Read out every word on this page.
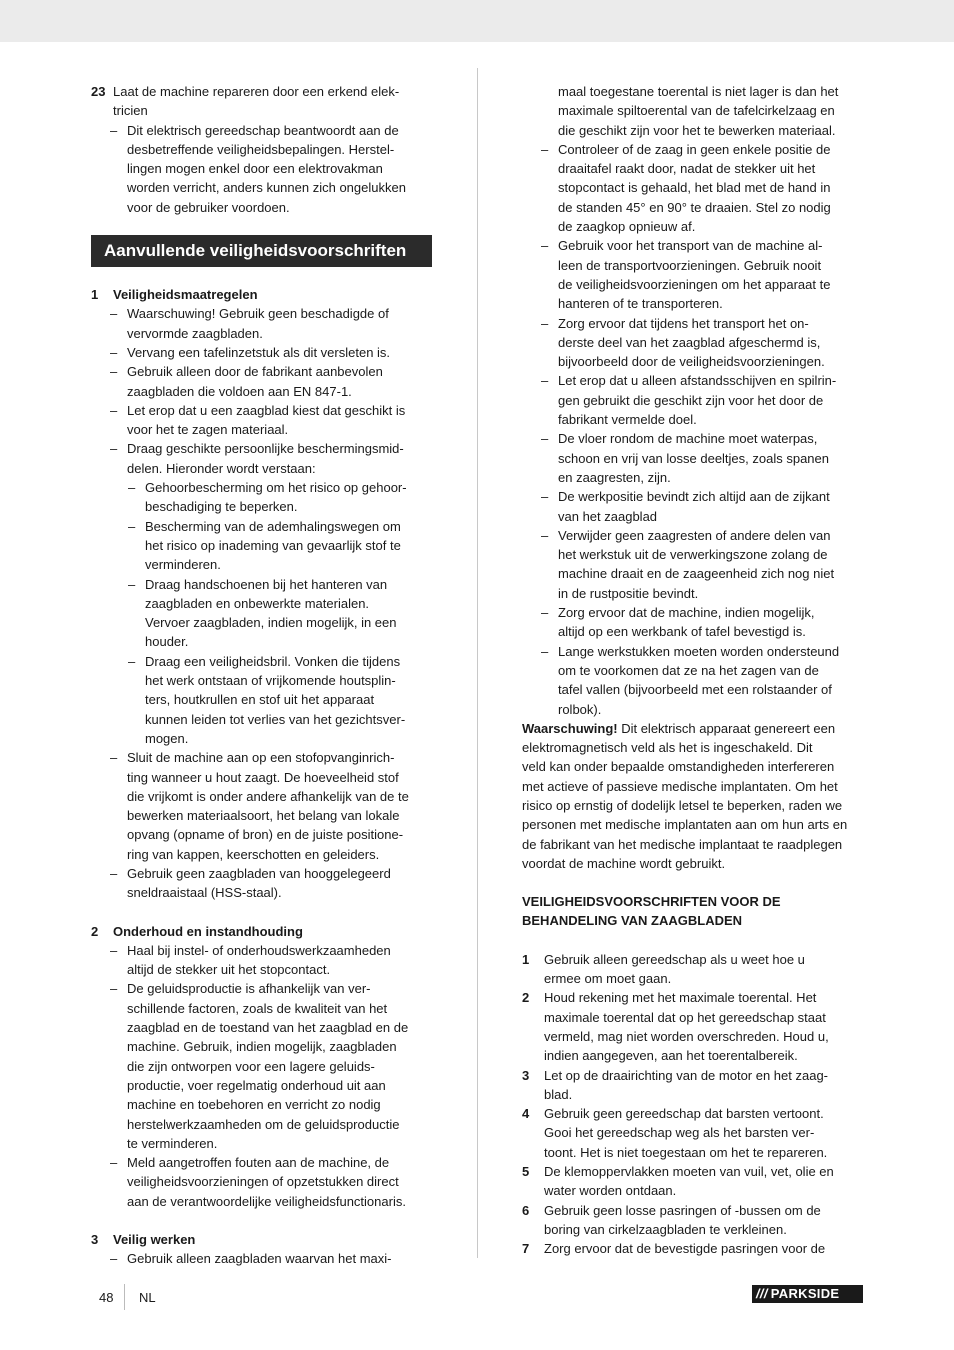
23 Laat de machine repareren door een erkend elek-
tricien
– Dit elektrisch gereedschap beantwoordt aan de
desbetreffende veiligheidsbepalingen. Herstel-
lingen mogen enkel door een elektrovakman
worden verricht, anders kunnen zich ongelukken
voor de gebruiker voordoen.
Aanvullende veiligheidsvoorschriften
1 Veiligheidsmaatregelen
– Waarschuwing! Gebruik geen beschadigde of
vervormde zaagbladen.
– Vervang een tafelinzetstuk als dit versleten is.
– Gebruik alleen door de fabrikant aanbevolen
zaagbladen die voldoen aan EN 847-1.
– Let erop dat u een zaagblad kiest dat geschikt is
voor het te zagen materiaal.
– Draag geschikte persoonlijke beschermingsmid-
delen. Hieronder wordt verstaan:
– Gehoorbescherming om het risico op gehoor-
beschadiging te beperken.
– Bescherming van de ademhalingswegen om
het risico op inademing van gevaarlijk stof te
verminderen.
– Draag handschoenen bij het hanteren van
zaagbladen en onbewerkte materialen.
Vervoer zaagbladen, indien mogelijk, in een
houder.
– Draag een veiligheidsbril. Vonken die tijdens
het werk ontstaan of vrijkomende houtsplin-
ters, houtkrullen en stof uit het apparaat
kunnen leiden tot verlies van het gezichtsver-
mogen.
– Sluit de machine aan op een stofopvanginrich-
ting wanneer u hout zaagt. De hoeveelheid stof
die vrijkomt is onder andere afhankelijk van de te
bewerken materiaalsoort, het belang van lokale
opvang (opname of bron) en de juiste positione-
ring van kappen, keerschotten en geleiders.
– Gebruik geen zaagbladen van hooggelegeerd
sneldraaistaal (HSS-staal).
2 Onderhoud en instandhouding
– Haal bij instel- of onderhoudswerkzaamheden
altijd de stekker uit het stopcontact.
– De geluidsproductie is afhankelijk van ver-
schillende factoren, zoals de kwaliteit van het
zaagblad en de toestand van het zaagblad en de
machine. Gebruik, indien mogelijk, zaagbladen
die zijn ontworpen voor een lagere geluids-
productie, voer regelmatig onderhoud uit aan
machine en toebehoren en verricht zo nodig
herstelwerkzaamheden om de geluidsproductie
te verminderen.
– Meld aangetroffen fouten aan de machine, de
veiligheidsvoorzieningen of opzetstukken direct
aan de verantwoordelijke veiligheidsfunctionaris.
3 Veilig werken
– Gebruik alleen zaagbladen waarvan het maxi-
maal toegestane toerental is niet lager is dan het
maximale spiltoerental van de tafelcirkelzaag en
die geschikt zijn voor het te bewerken materiaal.
– Controleer of de zaag in geen enkele positie de
draaitafel raakt door, nadat de stekker uit het
stopcontact is gehaald, het blad met de hand in
de standen 45° en 90° te draaien. Stel zo nodig
de zaagkop opnieuw af.
– Gebruik voor het transport van de machine al-
leen de transportvoorzieningen. Gebruik nooit
de veiligheidsvoorzieningen om het apparaat te
hanteren of te transporteren.
– Zorg ervoor dat tijdens het transport het on-
derste deel van het zaagblad afgeschermd is,
bijvoorbeeld door de veiligheidsvoorzieningen.
– Let erop dat u alleen afstandsschijven en spilrin-
gen gebruikt die geschikt zijn voor het door de
fabrikant vermelde doel.
– De vloer rondom de machine moet waterpas,
schoon en vrij van losse deeltjes, zoals spanen
en zaagresten, zijn.
– De werkpositie bevindt zich altijd aan de zijkant
van het zaagblad
– Verwijder geen zaagresten of andere delen van
het werkstuk uit de verwerkingszone zolang de
machine draait en de zaageenheid zich nog niet
in de rustpositie bevindt.
– Zorg ervoor dat de machine, indien mogelijk,
altijd op een werkbank of tafel bevestigd is.
– Lange werkstukken moeten worden ondersteund
om te voorkomen dat ze na het zagen van de
tafel vallen (bijvoorbeeld met een rolstaander of
rolbok).
Waarschuwing! Dit elektrisch apparaat genereert een
elektromagnetisch veld als het is ingeschakeld. Dit
veld kan onder bepaalde omstandigheden interfereren
met actieve of passieve medische implantaten. Om het
risico op ernstig of dodelijk letsel te beperken, raden we
personen met medische implantaten aan om hun arts en
de fabrikant van het medische implantaat te raadplegen
voordat de machine wordt gebruikt.
VEILIGHEIDSVOORSCHRIFTEN VOOR DE
BEHANDELING VAN ZAAGBLADEN
1 Gebruik alleen gereedschap als u weet hoe u
ermee om moet gaan.
2 Houd rekening met het maximale toerental. Het
maximale toerental dat op het gereedschap staat
vermeld, mag niet worden overschreden. Houd u,
indien aangegeven, aan het toerentalbereik.
3 Let op de draairichting van de motor en het zaag-
blad.
4 Gebruik geen gereedschap dat barsten vertoont.
Gooi het gereedschap weg als het barsten ver-
toont. Het is niet toegestaan om het te repareren.
5 De klemoppervlakken moeten van vuil, vet, olie en
water worden ontdaan.
6 Gebruik geen losse pasringen of -bussen om de
boring van cirkelzaagbladen te verkleinen.
7 Zorg ervoor dat de bevestigde pasringen voor de
48 NL	/// PARKSIDE
